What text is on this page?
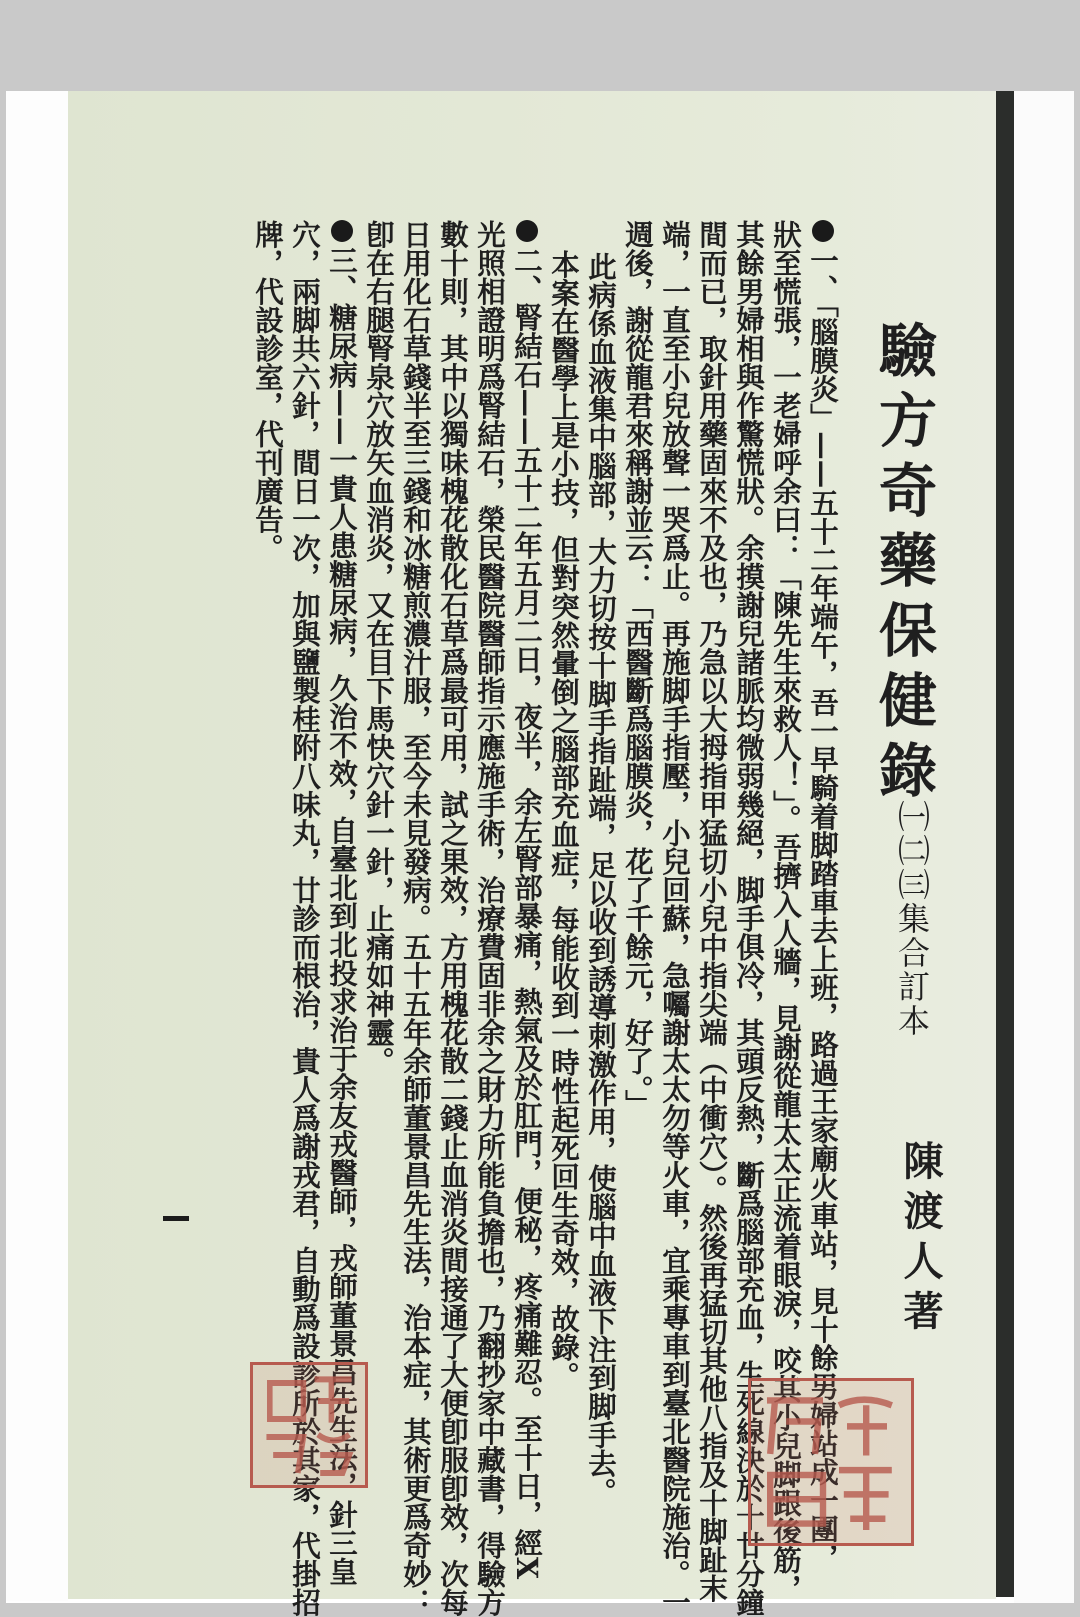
驗方奇藥保健錄
㈠㈡㈢集合訂本
陳渡人著
一、「腦膜炎」——五十二年端午，吾一早騎着脚踏車去上班，路過王家廟火車站，見十餘男婦站成一團，
狀至慌張，一老婦呼余曰：「陳先生來救人！」。吾擠入人牆，見謝從龍太太正流着眼淚，咬其小兒脚跟後筋，
其餘男婦相與作驚慌狀。余摸謝兒諸脈均微弱幾絕，脚手俱冷，其頭反熱，斷爲腦部充血，生死線決於十廿分鐘
間而已，取針用藥固來不及也，乃急以大拇指甲猛切小兒中指尖端（中衝穴）。然後再猛切其他八指及十脚趾末
端，一直至小兒放聲一哭爲止。再施脚手指壓，小兒回蘇，急囑謝太太勿等火車，宜乘專車到臺北醫院施治。一
週後，謝從龍君來稱謝並云：「西醫斷爲腦膜炎，花了千餘元，好了。」
此病係血液集中腦部，大力切按十脚手指趾端，足以收到誘導刺激作用，使腦中血液下注到脚手去。
本案在醫學上是小技，但對突然暈倒之腦部充血症，每能收到一時性起死回生奇效，故錄。
二、腎結石——五十二年五月二日，夜半，余左腎部暴痛，熱氣及於肛門，便秘，疼痛難忍。至十日，經X
光照相證明爲腎結石，榮民醫院醫師指示應施手術，治療費固非余之財力所能負擔也，乃翻抄家中藏書，得驗方
數十則，其中以獨味槐花散化石草爲最可用，試之果效，方用槐花散二錢止血消炎間接通了大便卽服卽效，次每
日用化石草錢半至三錢和冰糖煎濃汁服，至今未見發病。五十五年余師董景昌先生法，治本症，其術更爲奇妙：
卽在右腿腎泉穴放矢血消炎，又在目下馬快穴針一針，止痛如神靈。
三、糖尿病——一貴人患糖尿病，久治不效，自臺北到北投求治于余友戎醫師，戎師董景昌先生法，針三皇
穴，兩脚共六針，間日一次，加與鹽製桂附八味丸，廿診而根治，貴人爲謝戎君，自動爲設診所於其家，代掛招
牌，代設診室，代刊廣告。
